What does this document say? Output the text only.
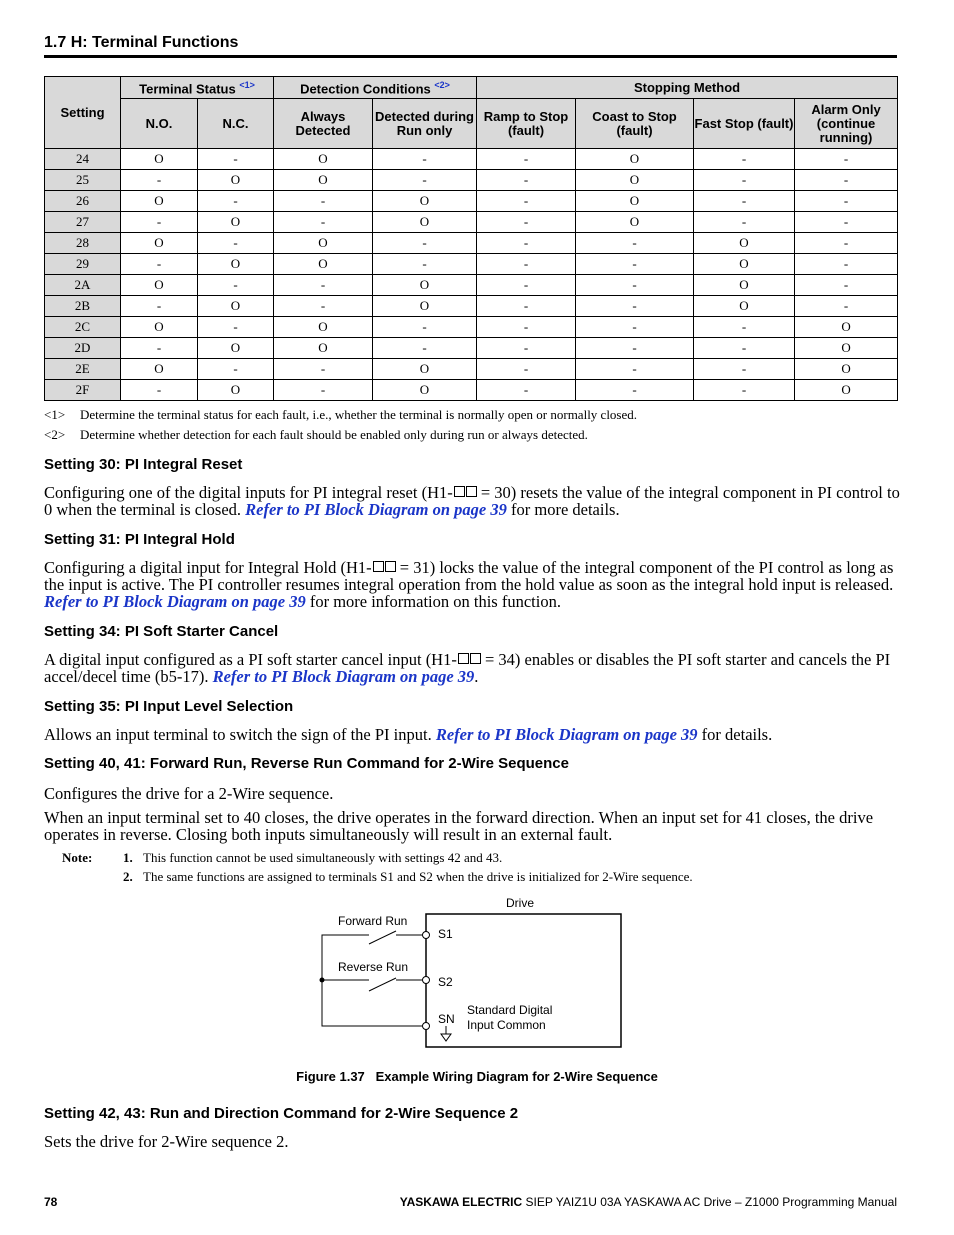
1.7 H: Terminal Functions
Setting	Terminal Status $^{<1>}$		Detection Conditions $^{<2>}$		Stopping Method			
	N.O.	N.C.	Always Detected	Detected during Run only	Ramp to Stop (fault)	Coast to Stop (fault)	Fast Stop (fault)	Alarm Only (continue running)
24	O	-	O	-	-	O	-	-
25	-	O	O	-	-	O	-	-
26	O	-	-	O	-	O	-	-
27	-	O	-	O	-	O	-	-
28	O	-	O	-	-	-	O	-
29	-	O	O	-	-	-	O	-
2A	O	-	-	O	-	-	O	-
2B	-	O	-	O	-	-	O	-
2C	O	-	O	-	-	-	-	O
2D	-	O	O	-	-	-	-	O
2E	O	-	-	O	-	-	-	O
2F	-	O	-	O	-	-	-	O
<1> Determine the terminal status for each fault, i.e., whether the terminal is normally open or normally closed.
<2> Determine whether detection for each fault should be enabled only during run or always detected.
Setting 30: PI Integral Reset
Configuring one of the digital inputs for PI integral reset (H1- = 30) resets the value of the integral component in PI control to 0 when the terminal is closed. Refer to PI Block Diagram on page 39 for more details.
Setting 31: PI Integral Hold
Configuring a digital input for Integral Hold (H1- = 31) locks the value of the integral component of the PI control as long as the input is active. The PI controller resumes integral operation from the hold value as soon as the integral hold input is released. Refer to PI Block Diagram on page 39 for more information on this function.
Setting 34: PI Soft Starter Cancel
A digital input configured as a PI soft starter cancel input (H1- = 34) enables or disables the PI soft starter and cancels the PI accel/decel time (b5-17). Refer to PI Block Diagram on page 39.
Setting 35: PI Input Level Selection
Allows an input terminal to switch the sign of the PI input. Refer to PI Block Diagram on page 39 for details.
Setting 40, 41: Forward Run, Reverse Run Command for 2-Wire Sequence
Configures the drive for a 2-Wire sequence.
When an input terminal set to 40 closes, the drive operates in the forward direction. When an input set for 41 closes, the drive operates in reverse. Closing both inputs simultaneously will result in an external fault.
Note: 1. This function cannot be used simultaneously with settings 42 and 43.
2. The same functions are assigned to terminals S1 and S2 when the drive is initialized for 2-Wire sequence.
Drive
Forward Run
Reverse Run
S1
S2
SN
Standard Digital
Input Common
Figure 1.37   Example Wiring Diagram for 2-Wire Sequence
Setting 42, 43: Run and Direction Command for 2-Wire Sequence 2
Sets the drive for 2-Wire sequence 2.
78	YASKAWA ELECTRIC SIEP YAIZ1U 03A YASKAWA AC Drive – Z1000 Programming Manual
